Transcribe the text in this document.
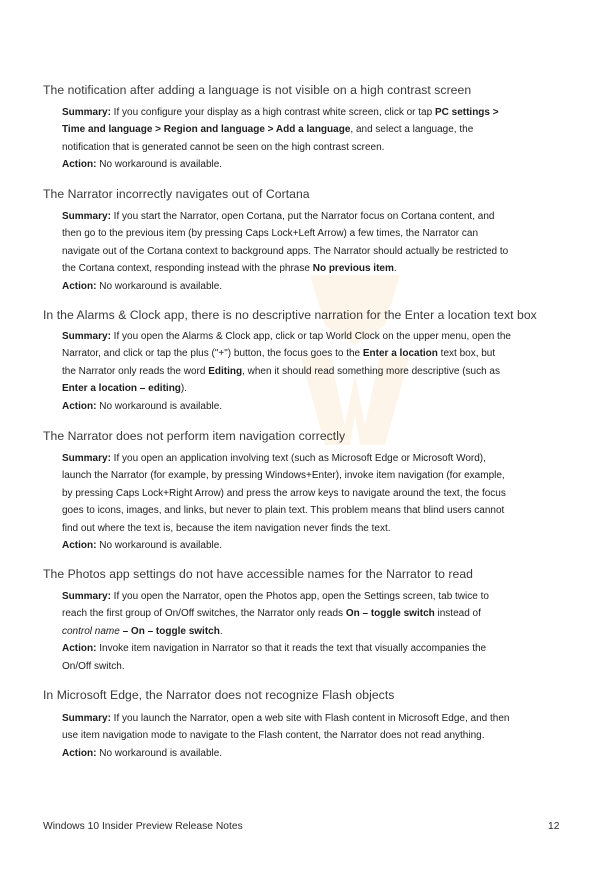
The notification after adding a language is not visible on a high contrast screen
Summary: If you configure your display as a high contrast white screen, click or tap PC settings >
Time and language > Region and language > Add a language, and select a language, the
notification that is generated cannot be seen on the high contrast screen.
Action: No workaround is available.
The Narrator incorrectly navigates out of Cortana
Summary: If you start the Narrator, open Cortana, put the Narrator focus on Cortana content, and
then go to the previous item (by pressing Caps Lock+Left Arrow) a few times, the Narrator can
navigate out of the Cortana context to background apps. The Narrator should actually be restricted to
the Cortana context, responding instead with the phrase No previous item.
Action: No workaround is available.
In the Alarms & Clock app, there is no descriptive narration for the Enter a location text box
Summary: If you open the Alarms & Clock app, click or tap World Clock on the upper menu, open the
Narrator, and click or tap the plus ("+") button, the focus goes to the Enter a location text box, but
the Narrator only reads the word Editing, when it should read something more descriptive (such as
Enter a location – editing).
Action: No workaround is available.
The Narrator does not perform item navigation correctly
Summary: If you open an application involving text (such as Microsoft Edge or Microsoft Word),
launch the Narrator (for example, by pressing Windows+Enter), invoke item navigation (for example,
by pressing Caps Lock+Right Arrow) and press the arrow keys to navigate around the text, the focus
goes to icons, images, and links, but never to plain text. This problem means that blind users cannot
find out where the text is, because the item navigation never finds the text.
Action: No workaround is available.
The Photos app settings do not have accessible names for the Narrator to read
Summary: If you open the Narrator, open the Photos app, open the Settings screen, tab twice to
reach the first group of On/Off switches, the Narrator only reads On – toggle switch instead of
control name – On – toggle switch.
Action: Invoke item navigation in Narrator so that it reads the text that visually accompanies the
On/Off switch.
In Microsoft Edge, the Narrator does not recognize Flash objects
Summary: If you launch the Narrator, open a web site with Flash content in Microsoft Edge, and then
use item navigation mode to navigate to the Flash content, the Narrator does not read anything.
Action: No workaround is available.
Windows 10 Insider Preview Release Notes	12
